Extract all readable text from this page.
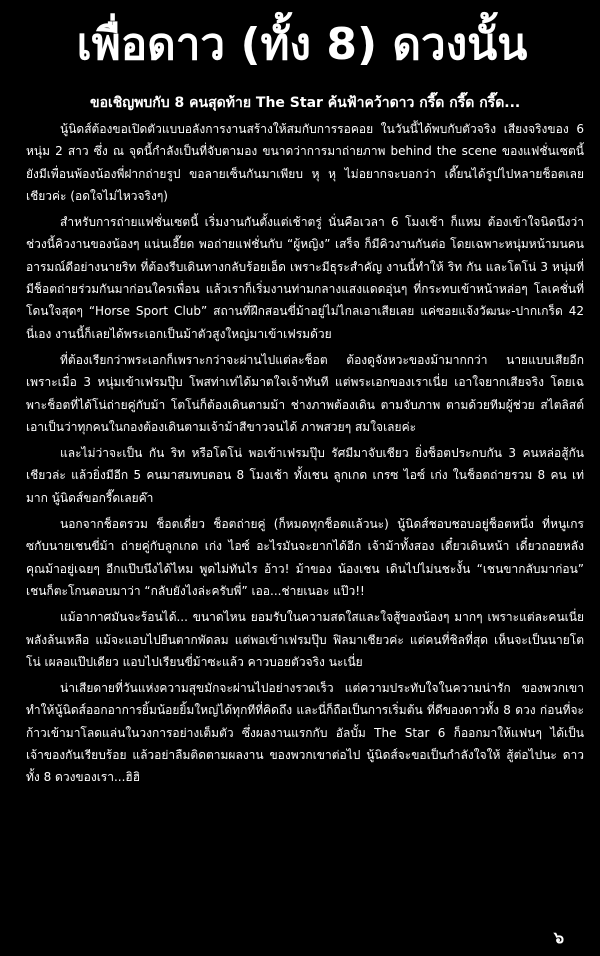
เพื่อดาว (ทั้ง 8) ดวงนั้น
ขอเชิญพบกับ 8 คนสุดท้าย The Star ค้นฟ้าคว้าดาว กรี๊ด กรี๊ด กรี๊ด...

นู้นิดส์ต้องขอเปิดตัวแบบอลังการงานสร้างให้สมกับการรอคอย ในวันนี้ได้พบกับตัวจริง เสียงจริงของ 6 หนุ่ม 2 สาว ซึ่ง ณ จุดนี้กำลังเป็นที่จับตามอง ขนาดว่าการมาถ่ายภาพ behind the scene ของแฟชั่นเซตนี้ ยังมีเพื่อนพ้องน้องพี่ฝากถ่ายรูป ขอลายเซ็นกันมาเพียบ หุ หุ ไม่อยากจะบอกว่า เดี๊ยนได้รูปไปหลายช็อตเลยเชียวค่ะ (อดใจไม่ไหวจริงๆ)

สำหรับการถ่ายแฟชั่นเซตนี้ เริ่มงานกันตั้งแต่เช้าตรู่ นั่นคือเวลา 6 โมงเช้า ก็แหม ต้องเข้าใจนิดนึงว่า ช่วงนี้คิวงานของน้องๆ แน่นเอี๊ยด พอถ่ายแฟชั่นกับ “ผู้หญิง” เสร็จ ก็มีคิวงานกันต่อ โดยเฉพาะหนุ่มหน้ามนคนอารมณ์ดีอย่างนายริท ที่ต้องรีบเดินทางกลับร้อยเอ็ด เพราะมีธุระสำคัญ งานนี้ทำให้ ริท กัน และโตโน่ 3 หนุ่มที่มีช็อตถ่ายร่วมกันมาก่อนใครเพื่อน แล้วเราก็เริ่มงานท่ามกลางแสงแดดอุ่นๆ ที่กระทบเข้าหน้าหล่อๆ โลเคชั่นที่โดนใจสุดๆ “Horse Sport Club” สถานที่ฝึกสอนขี่ม้าอยู่ไม่ไกลเอาเสียเลย แค่ซอยแจ้งวัฒนะ-ปากเกร็ด 42 นี่เอง งานนี้ก็เลยได้พระเอกเป็นม้าตัวสูงใหญ่มาเข้าเฟรมด้วย

ที่ต้องเรียกว่าพระเอกก็เพราะกว่าจะผ่านไปแต่ละช็อต ต้องดูจังหวะของม้ามากกว่า นายแบบเสียอีก เพราะเมื่อ 3 หนุ่มเข้าเฟรมปุ๊บ โพสท่าเท่ได้มาตใจเจ้าทันที แต่พระเอกของเราเนี่ย เอาใจยากเสียจริง โดยเฉพาะช็อตที่ได้โน่ถ่ายคู่กับม้า โตโน่ก็ต้องเดินตามม้า ช่างภาพต้องเดิน ตามจับภาพ ตามด้วยทีมผู้ช่วย สไตลิสต์ เอาเป็นว่าทุกคนในกองต้องเดินตามเจ้าม้าสีขาวจนได้ ภาพสวยๆ สมใจเลยค่ะ

และไม่ว่าจะเป็น กัน ริท หรือโตโน่ พอเข้าเฟรมปุ๊บ รัศมีมาจับเชียว ยิ่งช็อตประกบกัน 3 คนหล่อสู้กันเชียวล่ะ แล้วยิ่งมีอีก 5 คนมาสมทบตอน 8 โมงเช้า ทั้งเชน ลูกเกด เกรซ ไอซ์ เก่ง ในช็อตถ่ายรวม 8 คน เท่มาก นู้นิดส์ขอกรี๊ดเลยค๊า

นอกจากช็อตรวม ช็อตเดี่ยว ช็อตถ่ายคู่ (ก็หมดทุกช็อตแล้วนะ) นู้นิดส์ชอบชอบอยู่ช็อตหนึ่ง ที่หนูเกรซกับนายเชนขี่ม้า ถ่ายคู่กับลูกเกด เก่ง ไอซ์ อะไรมันจะยากได้อีก เจ้าม้าทั้งสอง เดี๋ยวเดินหน้า เดี๋ยวถอยหลัง คุณม้าอยู่เฉยๆ อีกแป๊บนึงได้ไหม พูดไม่ทันไร อ้าว! ม้าของ น้องเชน เดินไปไม่นชะงั้น “เชนขากลับมาก่อน” เชนก็ตะโกนตอบมาว่า “กลับยังไงล่ะครับพี่” เออ...ช่ายเนอะ แป๊ว!!

แม้อากาศมันจะร้อนได้... ขนาดไหน ยอมรับในความสดใสและใจสู้ของน้องๆ มากๆ เพราะแต่ละคนเนี่ย พลังล้นเหลือ แม้จะแอบไปยืนตากพัดลม แต่พอเข้าเฟรมปุ๊บ ฟิลมาเชียวค่ะ แต่คนที่ชิลที่สุด เห็นจะเป็นนายโตโน่ เผลอแป๊ปเดียว แอบไปเรียนขี่ม้าซะแล้ว คาวบอยตัวจริง นะเนี่ย

น่าเสียดายที่วันแห่งความสุขมักจะผ่านไปอย่างรวดเร็ว แต่ความประทับใจในความน่ารัก ของพวกเขา ทำให้นู้นิดส์ออกอาการยิ้มน้อยยิ้มใหญ่ได้ทุกทีที่คิดถึง และนี่ก็ถือเป็นการเริ่มต้น ที่ดีของดาวทั้ง 8 ดวง ก่อนที่จะก้าวเข้ามาโลดแล่นในวงการอย่างเต็มตัว ซึ่งผลงานแรกกับ อัลบั้ม The Star 6 ก็ออกมาให้แฟนๆ ได้เป็นเจ้าของกันเรียบร้อย แล้วอย่าลืมติดตามผลงาน ของพวกเขาต่อไป นู้นิดส์จะขอเป็นกำลังใจให้ สู้ต่อไปนะ ดาวทั้ง 8 ดวงของเรา...ฮิฮิ

๖
